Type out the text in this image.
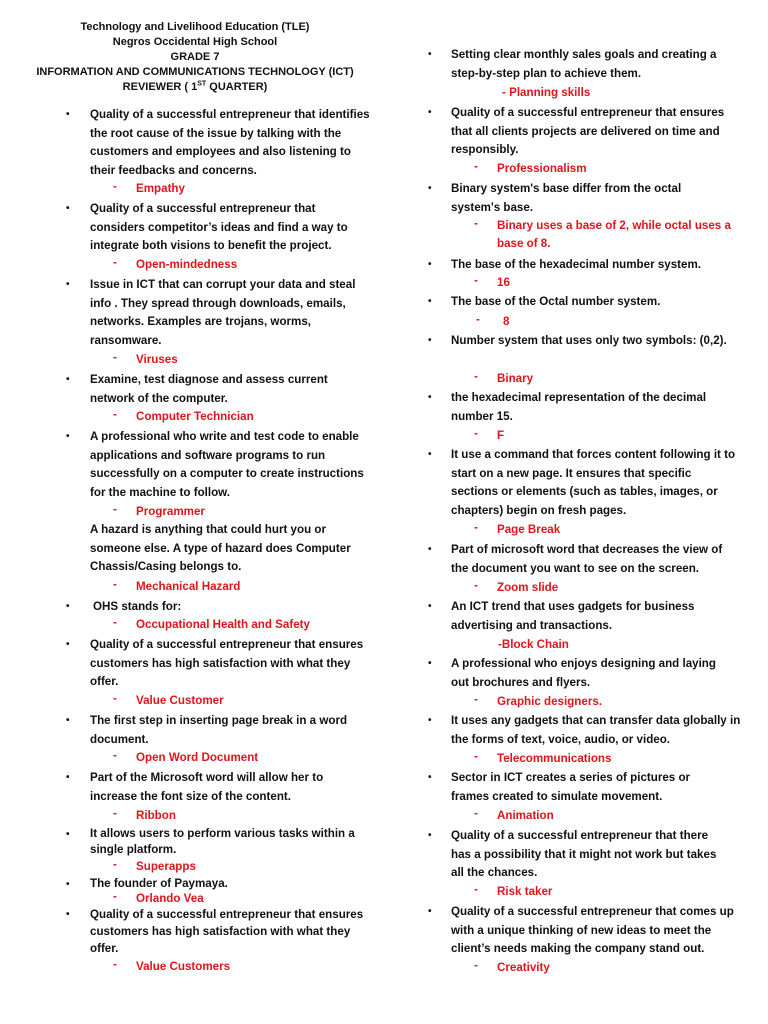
Technology and Livelihood Education (TLE)
Negros Occidental High School
GRADE 7
INFORMATION AND COMMUNICATIONS TECHNOLOGY (ICT)
REVIEWER ( 1ST QUARTER)
• Quality of a successful entrepreneur that identifies the root cause of the issue by talking with the customers and employees and also listening to their feedbacks and concerns.

- Empathy
• Quality of a successful entrepreneur that considers competitor’s ideas and find a way to integrate both visions to benefit the project.

- Open-mindedness
• Issue in ICT that can corrupt your data and steal info . They spread through downloads, emails, networks. Examples are trojans, worms, ransomware.

- Viruses
• Examine, test diagnose and assess current network of the computer.

- Computer Technician
• A professional who write and test code to enable applications and software programs to run successfully on a computer to create instructions for the machine to follow.

- Programmer

A hazard is anything that could hurt you or someone else. A type of hazard does Computer Chassis/Casing belongs to.

- Mechanical Hazard
• OHS stands for:

- Occupational Health and Safety
• Quality of a successful entrepreneur that ensures customers has high satisfaction with what they offer.

- Value Customer
• The first step in inserting page break in a word document.

- Open Word Document
• Part of the Microsoft word will allow her to increase the font size of the content.

- Ribbon
• It allows users to perform various tasks within a single platform.

- Superapps
• The founder of Paymaya.

- Orlando Vea
• Quality of a successful entrepreneur that ensures customers has high satisfaction with what they offer.

- Value Customers
• Setting clear monthly sales goals and creating a step-by-step plan to achieve them.

- Planning skills
• Quality of a successful entrepreneur that ensures that all clients projects are delivered on time and responsibly.

- Professionalism
• Binary system's base differ from the octal system's base.

- Binary uses a base of 2, while octal uses a base of 8.
• The base of the hexadecimal number system.

- 16
• The base of the Octal number system.

- 8
• Number system that uses only two symbols: (0,2).

- Binary
• the hexadecimal representation of the decimal number 15.

- F
• It use a command that forces content following it to start on a new page. It ensures that specific sections or elements (such as tables, images, or chapters) begin on fresh pages.

- Page Break
• Part of microsoft word that decreases the view of the document you want to see on the screen.

- Zoom slide
• An ICT trend that uses gadgets for business advertising and transactions.

-Block Chain
• A professional who enjoys designing and laying out brochures and flyers.

- Graphic designers.
• It uses any gadgets that can transfer data globally in the forms of text, voice, audio, or video.

- Telecommunications
• Sector in ICT creates a series of pictures or frames created to simulate movement.

- Animation
• Quality of a successful entrepreneur that there has a possibility that it might not work but takes all the chances.

- Risk taker
• Quality of a successful entrepreneur that comes up with a unique thinking of new ideas to meet the client’s needs making the company stand out.

- Creativity
